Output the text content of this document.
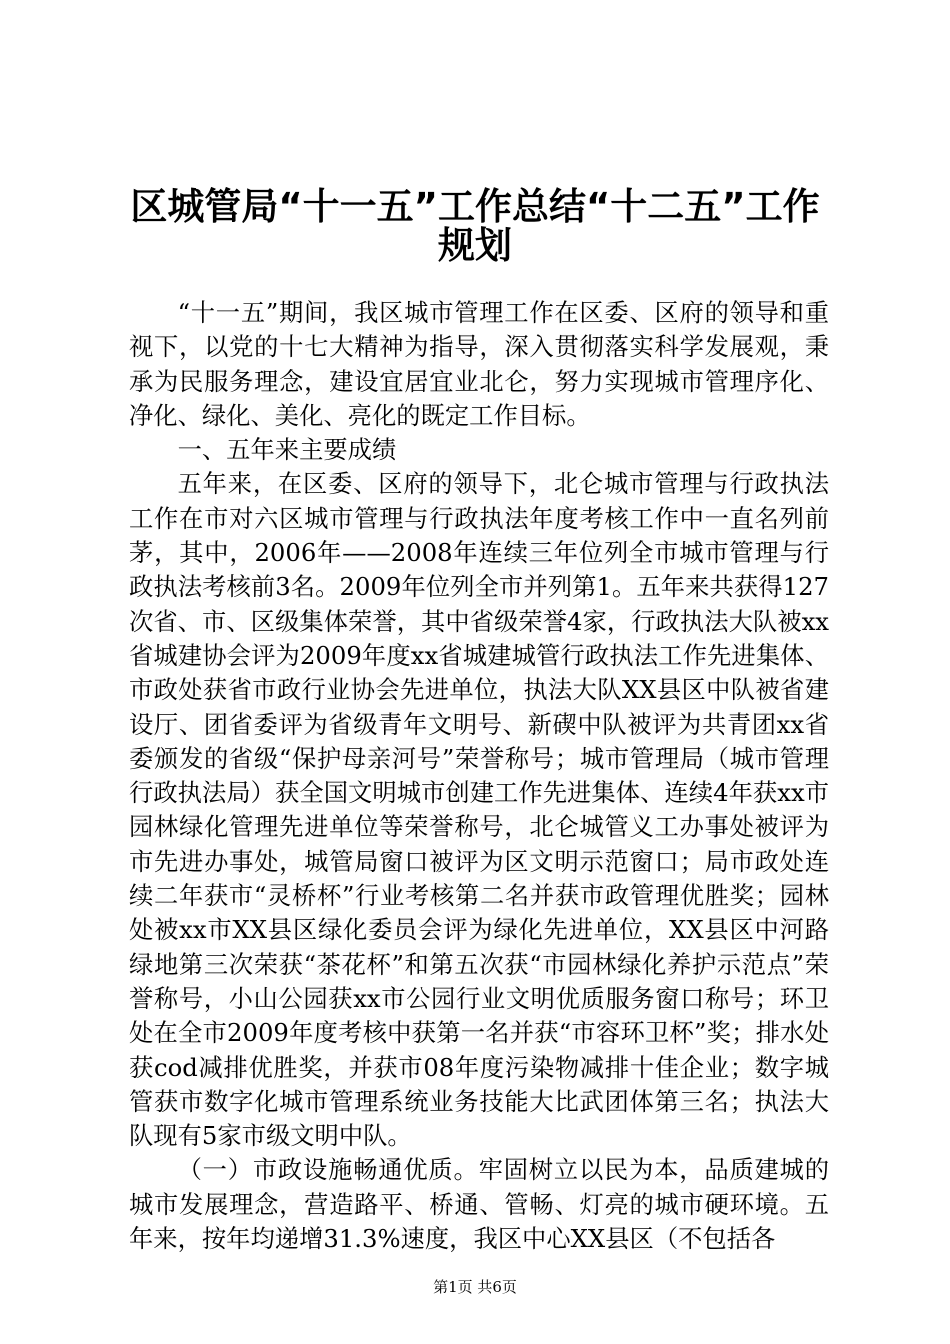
区城管局“十一五”工作总结“十二五”工作
规划

“十一五”期间，我区城市管理工作在区委、区府的领导和重视下，以党的十七大精神为指导，深入贯彻落实科学发展观，秉承为民服务理念，建设宜居宜业北仑，努力实现城市管理序化、净化、绿化、美化、亮化的既定工作目标。

一、五年来主要成绩

五年来，在区委、区府的领导下，北仑城市管理与行政执法工作在市对六区城市管理与行政执法年度考核工作中一直名列前茅，其中，2006年——2008年连续三年位列全市城市管理与行政执法考核前3名。2009年位列全市并列第1。五年来共获得127次省、市、区级集体荣誉，其中省级荣誉4家，行政执法大队被xx省城建协会评为2009年度xx省城建城管行政执法工作先进集体、市政处获省市政行业协会先进单位，执法大队XX县区中队被省建设厅、团省委评为省级青年文明号、新碶中队被评为共青团xx省委颁发的省级“保护母亲河号”荣誉称号；城市管理局（城市管理行政执法局）获全国文明城市创建工作先进集体、连续4年获xx市园林绿化管理先进单位等荣誉称号，北仑城管义工办事处被评为市先进办事处，城管局窗口被评为区文明示范窗口；局市政处连续二年获市“灵桥杯”行业考核第二名并获市政管理优胜奖；园林处被xx市XX县区绿化委员会评为绿化先进单位，XX县区中河路绿地第三次荣获“茶花杯”和第五次获“市园林绿化养护示范点”荣誉称号，小山公园获xx市公园行业文明优质服务窗口称号；环卫处在全市2009年度考核中获第一名并获“市容环卫杯”奖；排水处获cod减排优胜奖，并获市08年度污染物减排十佳企业；数字城管获市数字化城市管理系统业务技能大比武团体第三名；执法大队现有5家市级文明中队。

（一）市政设施畅通优质。牢固树立以民为本，品质建城的城市发展理念，营造路平、桥通、管畅、灯亮的城市硬环境。五年来，按年均递增31.3%速度，我区中心XX县区（不包括各

第1页 共6页
